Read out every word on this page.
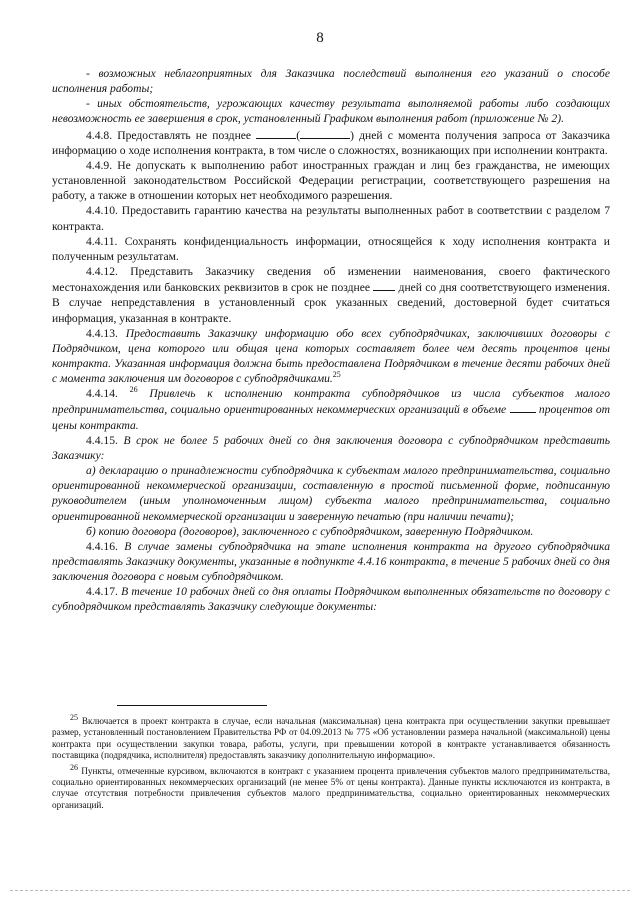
8

- возможных неблагоприятных для Заказчика последствий выполнения его указаний о способе исполнения работы;

- иных обстоятельств, угрожающих качеству результата выполняемой работы либо создающих невозможность ее завершения в срок, установленный Графиком выполнения работ (приложение № 2).

4.4.8. Предоставлять не позднее	(	) дней с момента получения запроса от Заказчика информацию о ходе исполнения контракта, в том числе о сложностях, возникающих при исполнении контракта.

4.4.9. Не допускать к выполнению работ иностранных граждан и лиц без гражданства, не имеющих установленной законодательством Российской Федерации регистрации, соответствующего разрешения на работу, а также в отношении которых нет необходимого разрешения.

4.4.10. Предоставить гарантию качества на результаты выполненных работ в соответствии с разделом 7 контракта.

4.4.11. Сохранять конфиденциальность информации, относящейся к ходу исполнения контракта и полученным результатам.

4.4.12. Представить Заказчику сведения об изменении наименования, своего фактического местонахождения или банковских реквизитов в срок не позднее дней со дня соответствующего изменения. В случае непредставления в установленный срок указанных сведений, достоверной будет считаться информация, указанная в контракте.

4.4.13. Предоставить Заказчику информацию обо всех субподрядчиках, заключивших договоры с Подрядчиком, цена которого или общая цена которых составляет более чем десять процентов цены контракта. Указанная информация должна быть предоставлена Подрядчиком в течение десяти рабочих дней с момента заключения им договоров с субподрядчиками.$^{25}$

4.4.14. $^{26}$ Привлечь к исполнению контракта субподрядчиков из числа субъектов малого предпринимательства, социально ориентированных некоммерческих организаций в объеме	процентов от цены контракта.

4.4.15. В срок не более 5 рабочих дней со дня заключения договора с субподрядчиком представить Заказчику:

а) декларацию о принадлежности субподрядчика к субъектам малого предпринимательства, социально ориентированной некоммерческой организации, составленную в простой письменной форме, подписанную руководителем (иным уполномоченным лицом) субъекта малого предпринимательства, социально ориентированной некоммерческой организации и заверенную печатью (при наличии печати);

б) копию договора (договоров), заключенного с субподрядчиком, заверенную Подрядчиком.

4.4.16. В случае замены субподрядчика на этапе исполнения контракта на другого субподрядчика представлять Заказчику документы, указанные в подпункте 4.4.16 контракта, в течение 5 рабочих дней со дня заключения договора с новым субподрядчиком.

4.4.17. В течение 10 рабочих дней со дня оплаты Подрядчиком выполненных обязательств по договору с субподрядчиком представлять Заказчику следующие документы:

$^{25}$ Включается в проект контракта в случае, если начальная (максимальная) цена контракта при осуществлении закупки превышает размер, установленный постановлением Правительства РФ от 04.09.2013 № 775 «Об установлении размера начальной (максимальной) цены контракта при осуществлении закупки товара, работы, услуги, при превышении которой в контракте устанавливается обязанность поставщика (подрядчика, исполнителя) предоставлять заказчику дополнительную информацию».

$^{26}$ Пункты, отмеченные курсивом, включаются в контракт с указанием процента привлечения субъектов малого предпринимательства, социально ориентированных некоммерческих организаций (не менее 5% от цены контракта). Данные пункты исключаются из контракта, в случае отсутствия потребности привлечения субъектов малого предпринимательства, социально ориентированных некоммерческих организаций.
